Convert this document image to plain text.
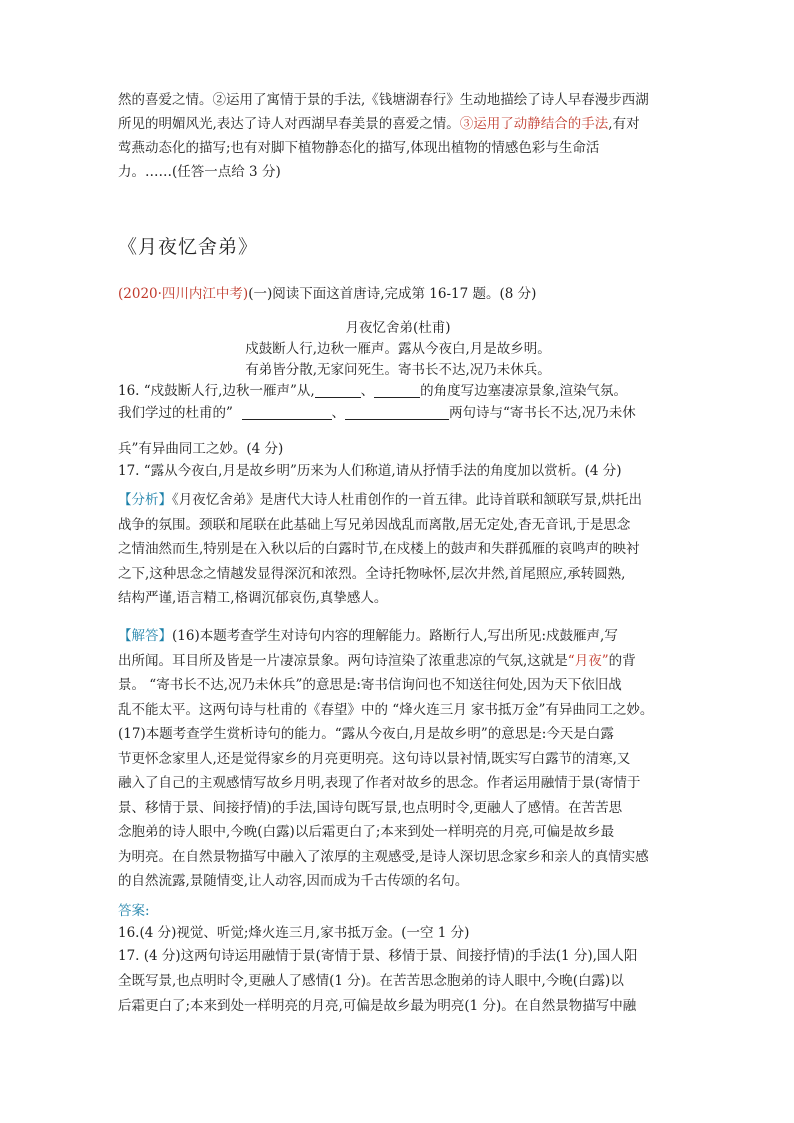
然的喜爱之情。②运用了寓情于景的手法,《钱塘湖春行》生动地描绘了诗人早春漫步西湖

所见的明媚风光,表达了诗人对西湖早春美景的喜爱之情。③运用了动静结合的手法,有对

莺燕动态化的描写;也有对脚下植物静态化的描写,体现出植物的情感色彩与生命活

力。……(任答一点给 3 分)

《月夜忆舍弟》
(2020·四川内江中考)(一)阅读下面这首唐诗,完成第 16-17 题。(8 分)
月夜忆舍弟(杜甫)
戍鼓断人行,边秋一雁声。露从今夜白,月是故乡明。
有弟皆分散,无家问死生。寄书长不达,况乃未休兵。

16. “戍鼓断人行,边秋一雁声”从,	、	的角度写边塞凄凉景象,渲染气氛。

我们学过的杜甫的”	、	两句诗与“寄书长不达,况乃未休

兵”有异曲同工之妙。(4 分)

17. “露从今夜白,月是故乡明”历来为人们称道,请从抒情手法的角度加以赏析。(4 分)

【分析】《月夜忆舍弟》是唐代大诗人杜甫创作的一首五律。此诗首联和颔联写景,烘托出

战争的氛围。颈联和尾联在此基础上写兄弟因战乱而离散,居无定处,杳无音讯,于是思念

之情油然而生,特别是在入秋以后的白露时节,在戍楼上的鼓声和失群孤雁的哀鸣声的映衬

之下,这种思念之情越发显得深沉和浓烈。全诗托物咏怀,层次井然,首尾照应,承转圆熟,

结构严谨,语言精工,格调沉郁哀伤,真挚感人。

【解答】(16)本题考查学生对诗句内容的理解能力。路断行人,写出所见:戍鼓雁声,写

出所闻。耳目所及皆是一片凄凉景象。两句诗渲染了浓重悲凉的气氛,这就是“月夜”的背

景。 “寄书长不达,况乃未休兵”的意思是:寄书信询问也不知送往何处,因为天下依旧战

乱不能太平。这两句诗与杜甫的《春望》中的 “烽火连三月 家书抵万金”有异曲同工之妙。

(17)本题考查学生赏析诗句的能力。“露从今夜白,月是故乡明”的意思是:今天是白露

节更怀念家里人,还是觉得家乡的月亮更明亮。这句诗以景衬情,既实写白露节的清寒,又

融入了自己的主观感情写故乡月明,表现了作者对故乡的思念。作者运用融情于景(寄情于

景、移情于景、间接抒情)的手法,国诗句既写景,也点明时令,更融人了感情。在苦苦思

念胞弟的诗人眼中,今晚(白露)以后霜更白了;本来到处一样明亮的月亮,可偏是故乡最

为明亮。在自然景物描写中融入了浓厚的主观感受,是诗人深切思念家乡和亲人的真情实感

的自然流露,景随情变,让人动容,因而成为千古传颂的名句。

答案:

16.(4 分)视觉、听觉;烽火连三月,家书抵万金。(一空 1 分)

17. (4 分)这两句诗运用融情于景(寄情于景、移情于景、间接抒情)的手法(1 分),国人阳

全既写景,也点明时令,更融人了感情(1 分)。在苦苦思念胞弟的诗人眼中,今晚(白露)以

后霜更白了;本来到处一样明亮的月亮,可偏是故乡最为明亮(1 分)。在自然景物描写中融
